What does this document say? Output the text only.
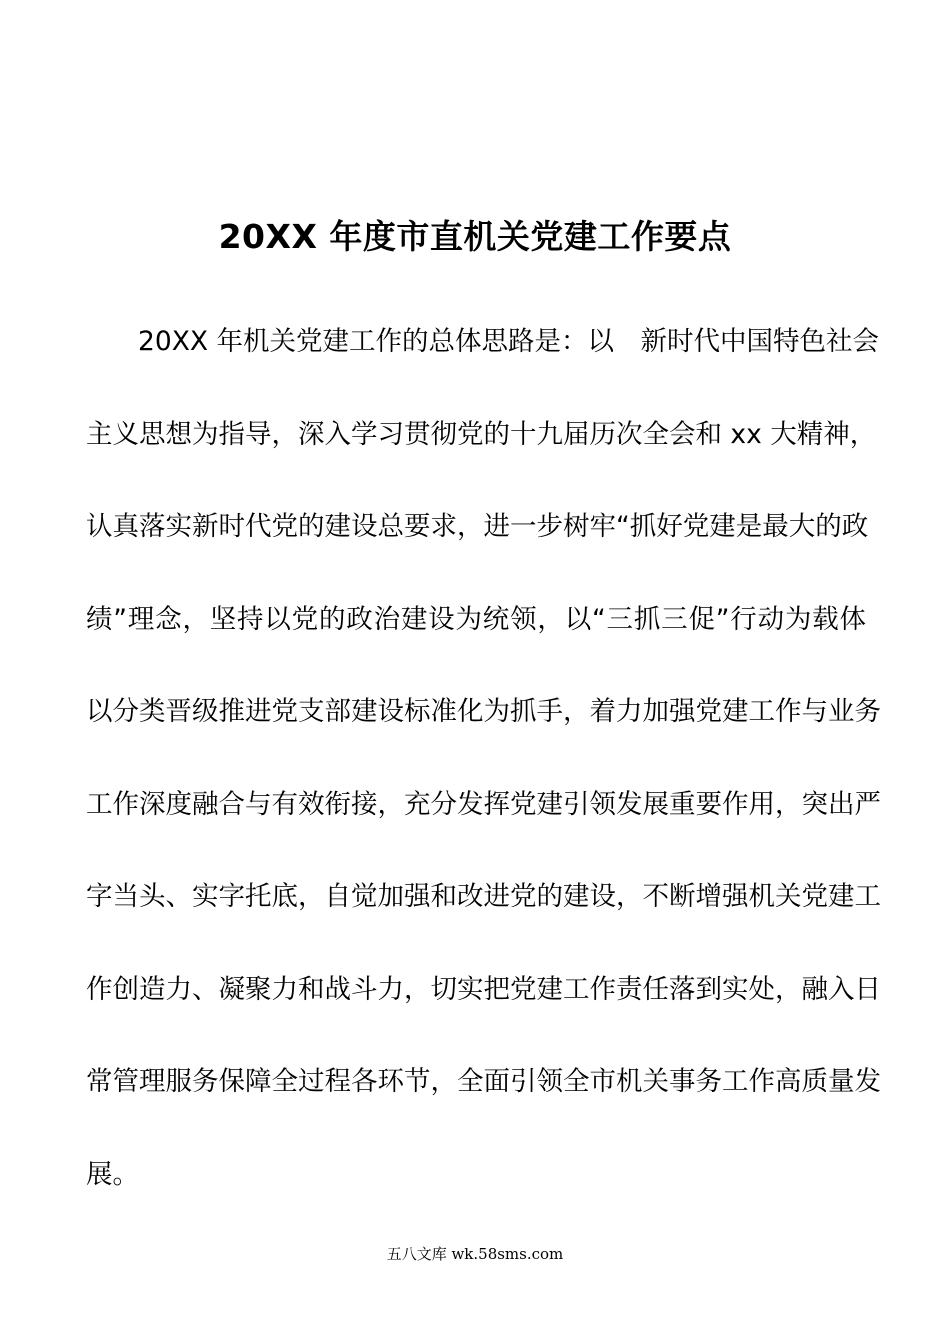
20XX 年度市直机关党建工作要点
20XX 年机关党建工作的总体思路是：以　新时代中国特色社会
主义思想为指导，深入学习贯彻党的十九届历次全会和 xx 大精神，
认真落实新时代党的建设总要求，进一步树牢“抓好党建是最大的政
绩”理念，坚持以党的政治建设为统领，以“三抓三促”行动为载体
以分类晋级推进党支部建设标准化为抓手，着力加强党建工作与业务
工作深度融合与有效衔接，充分发挥党建引领发展重要作用，突出严
字当头、实字托底，自觉加强和改进党的建设，不断增强机关党建工
作创造力、凝聚力和战斗力，切实把党建工作责任落到实处，融入日
常管理服务保障全过程各环节，全面引领全市机关事务工作高质量发
展。
五八文库 wk.58sms.com
